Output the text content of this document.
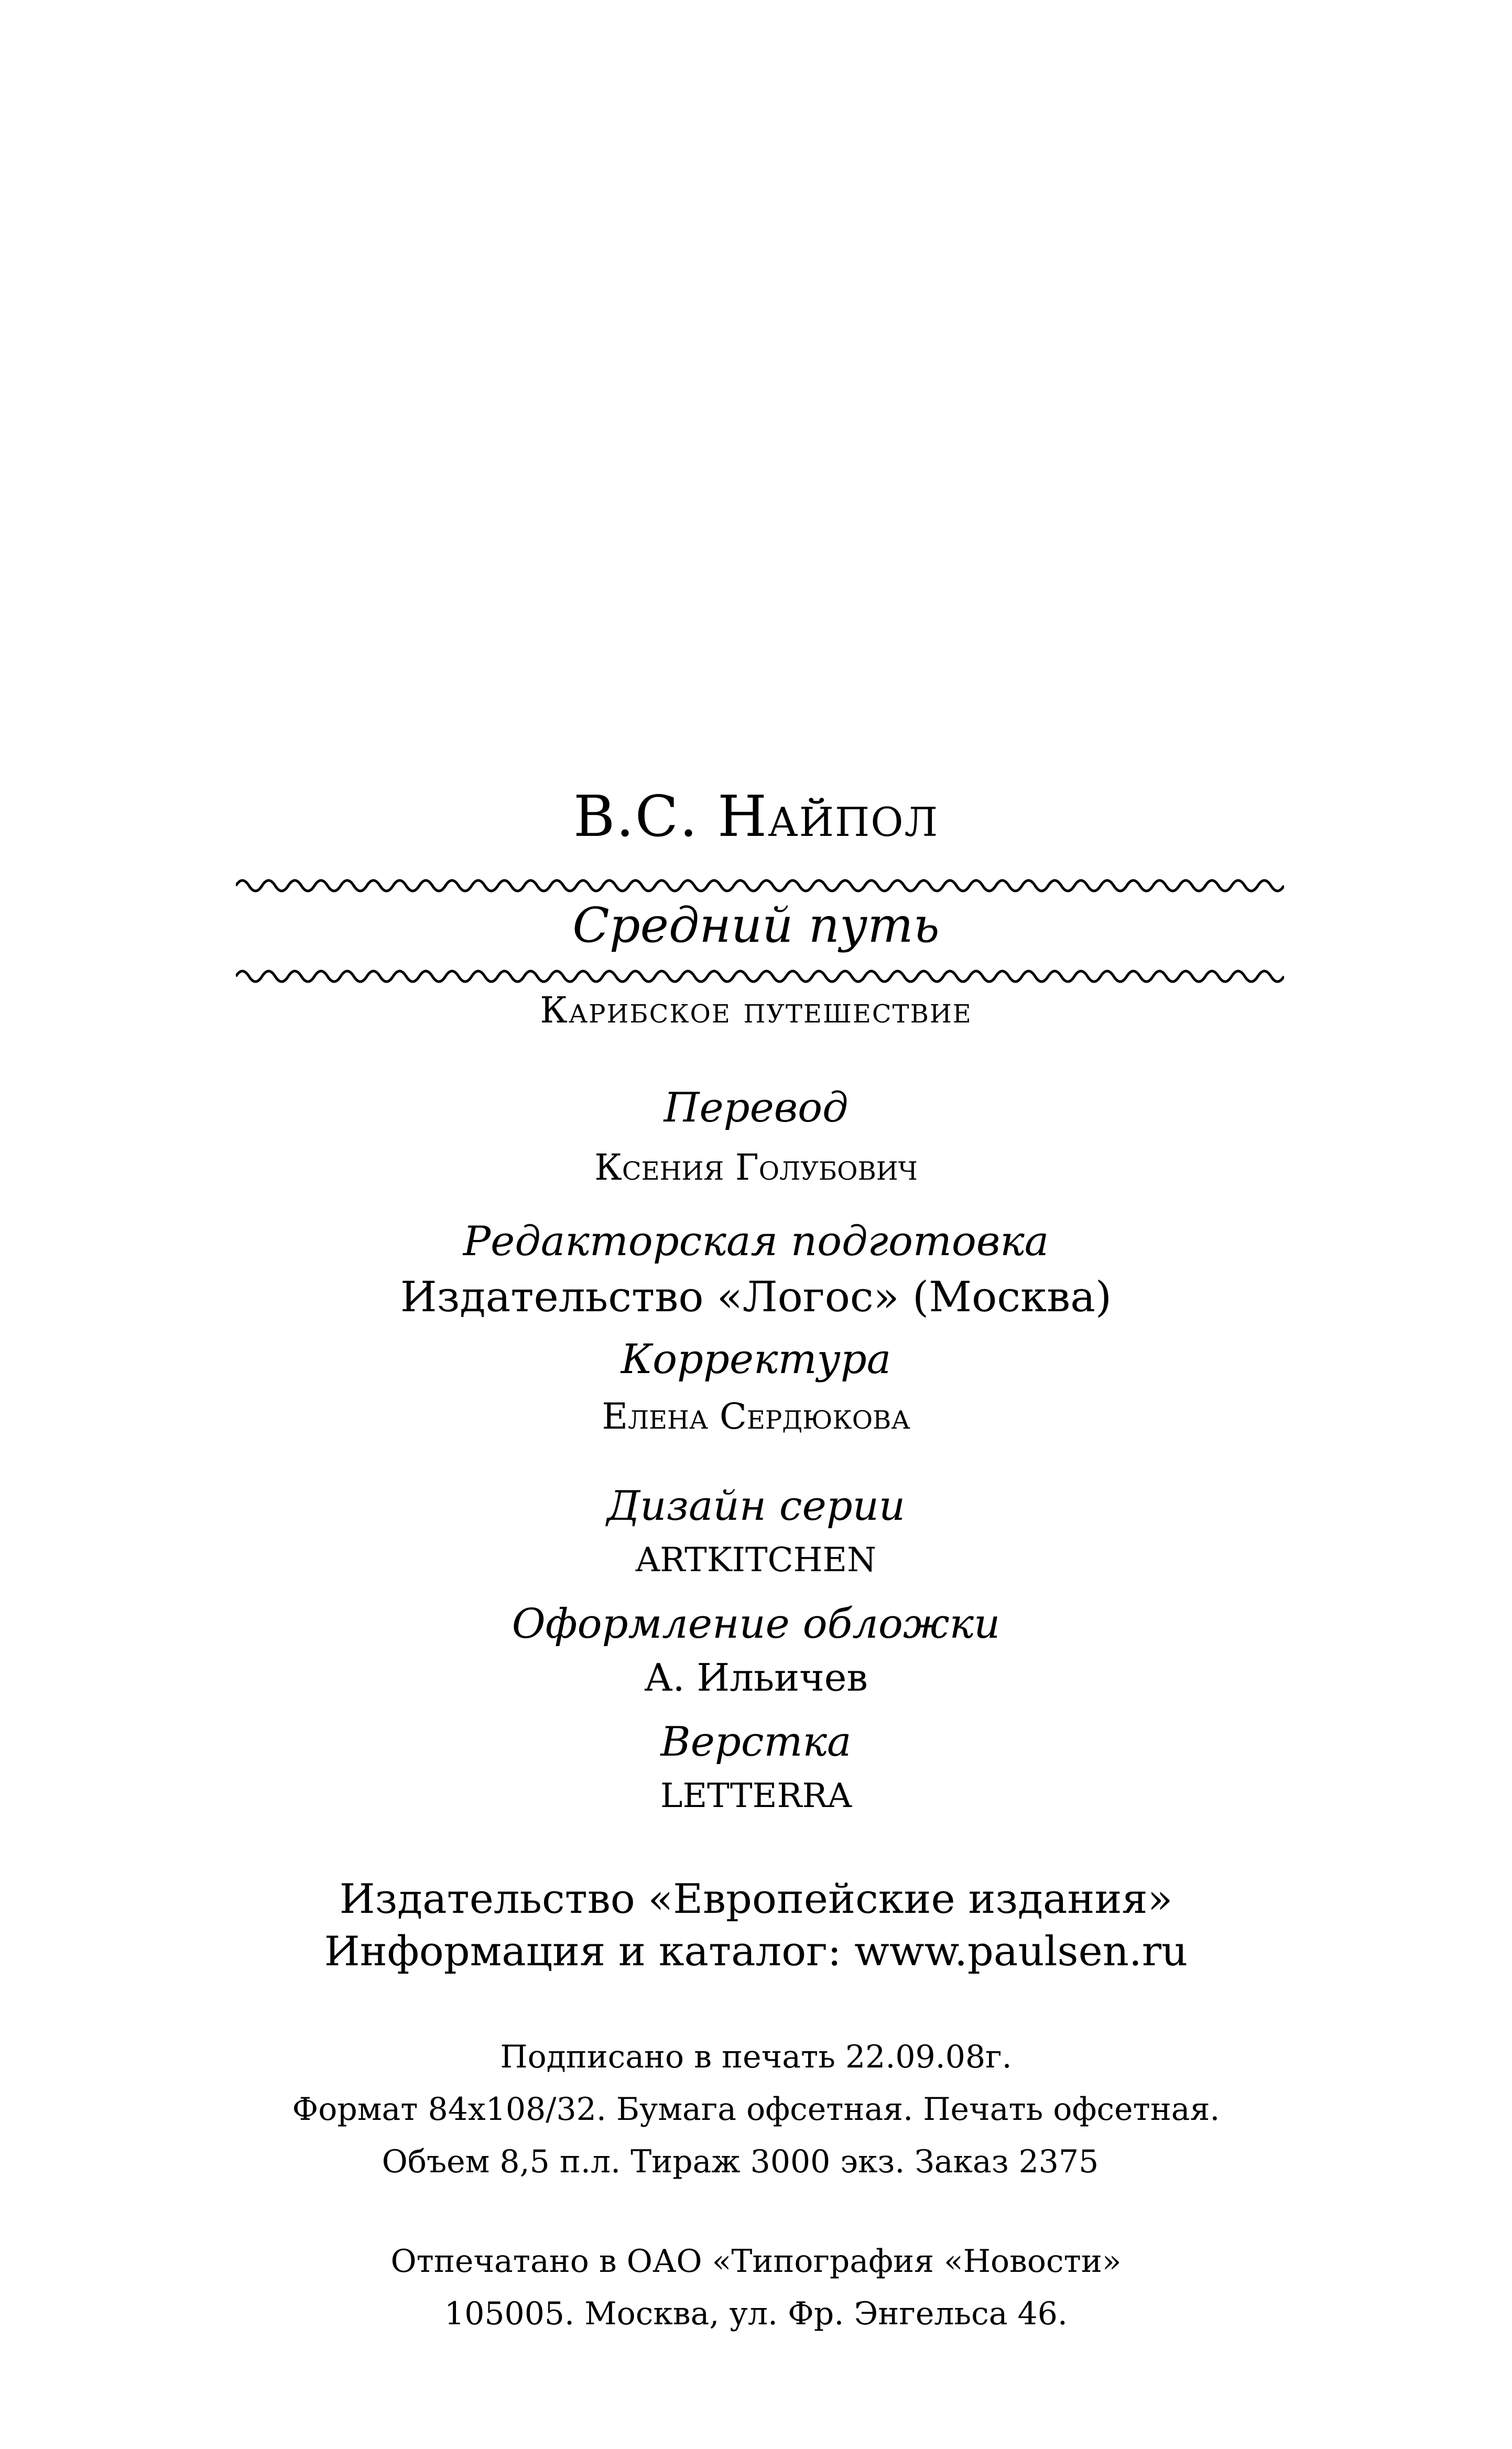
В.С. Найпол
Средний путь
Карибское путешествие
Перевод
Ксения Голубович
Редакторская подготовка
Издательство «Логос» (Москва)
Корректура
Елена Сердюкова
Дизайн серии
ARTKITCHEN
Оформление обложки
А. Ильичев
Верстка
LETTERRA
Издательство «Европейские издания»
Информация и каталог: www.paulsen.ru
Подписано в печать 22.09.08г.
Формат 84x108/32. Бумага офсетная. Печать офсетная.
Объем 8,5 п.л. Тираж 3000 экз. Заказ 2375
Отпечатано в ОАО «Типография «Новости»
105005. Москва, ул. Фр. Энгельса 46.
